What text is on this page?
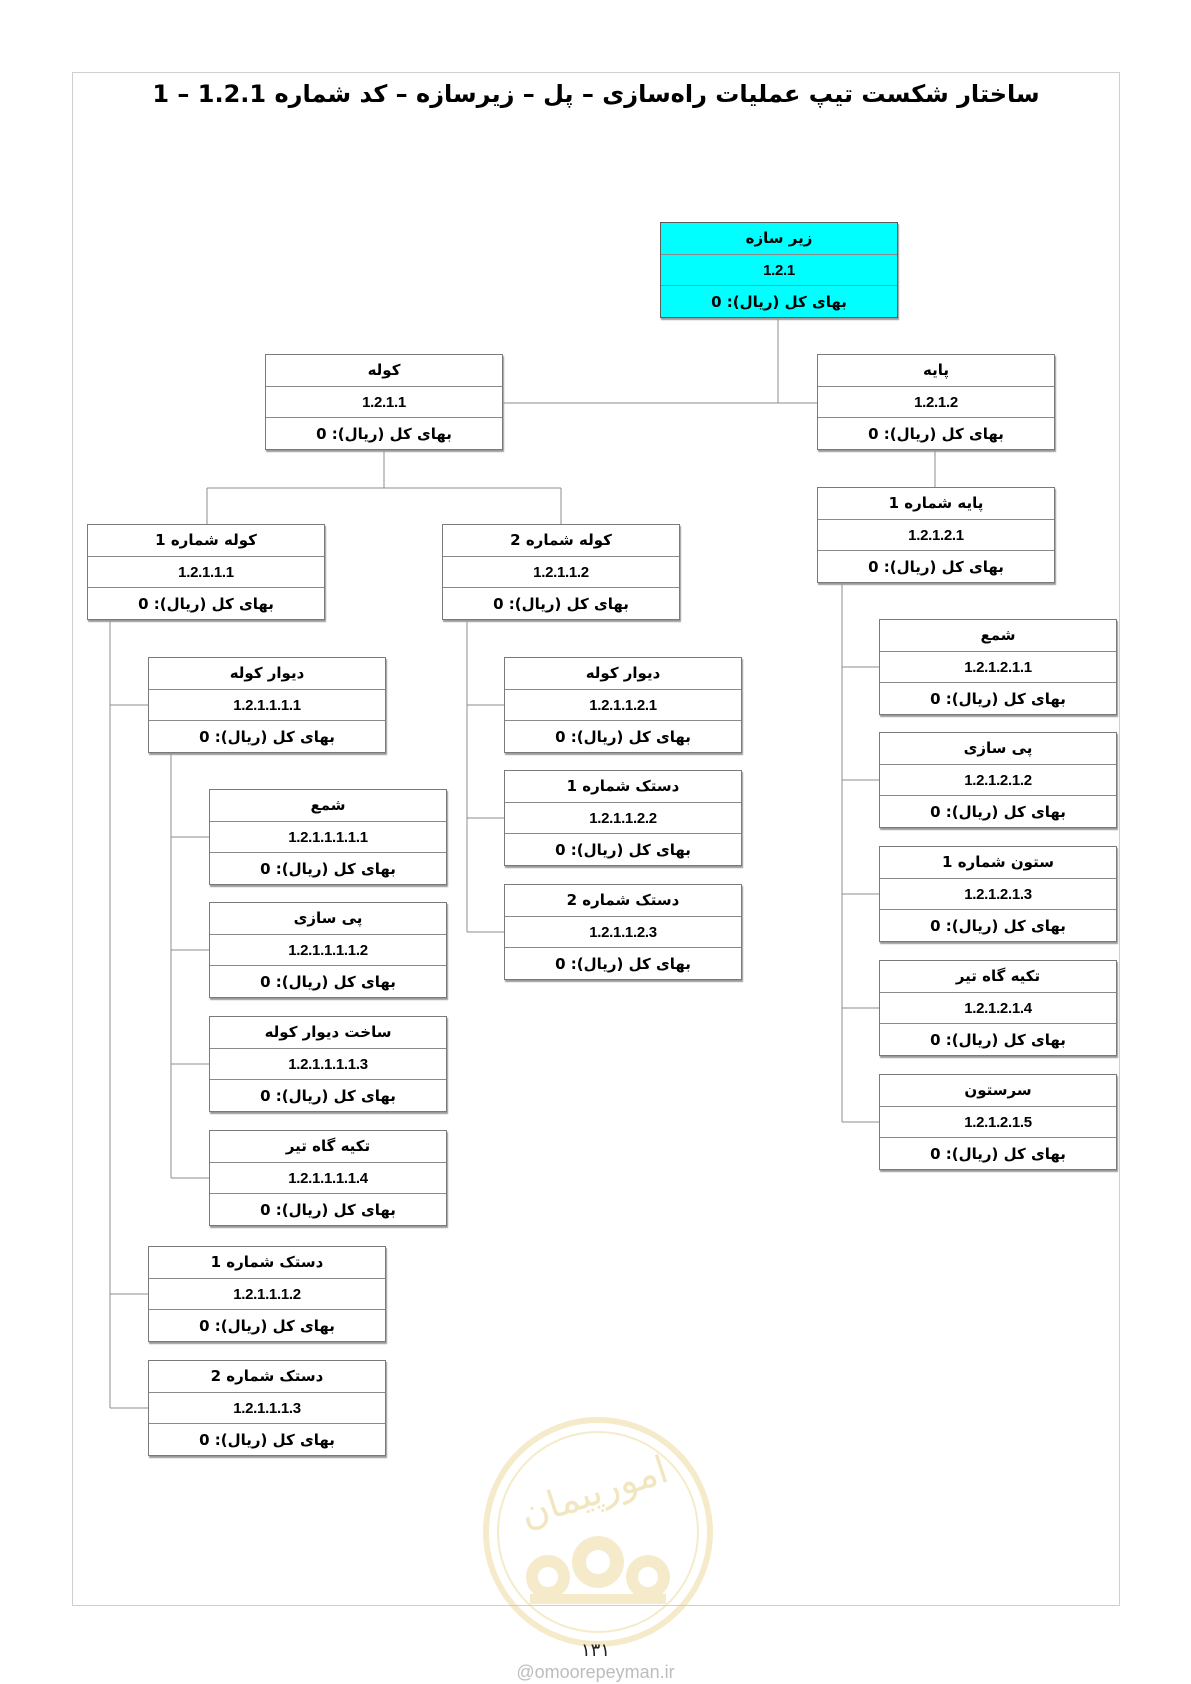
ساختار شکست تیپ عملیات راه‌سازی – پل – زیرسازه – کد شماره 1.2.1 – 1
زیر سازه
1.2.1
بهای کل (ریال): 0
کوله
1.2.1.1
بهای کل (ریال): 0
پایه
1.2.1.2
بهای کل (ریال): 0
کوله شماره 1
1.2.1.1.1
بهای کل (ریال): 0
کوله شماره 2
1.2.1.1.2
بهای کل (ریال): 0
پایه شماره 1
1.2.1.2.1
بهای کل (ریال): 0
دیوار کوله
1.2.1.1.1.1
بهای کل (ریال): 0
شمع
1.2.1.1.1.1.1
بهای کل (ریال): 0
پی سازی
1.2.1.1.1.1.2
بهای کل (ریال): 0
ساخت دیوار کوله
1.2.1.1.1.1.3
بهای کل (ریال): 0
تکیه گاه تیر
1.2.1.1.1.1.4
بهای کل (ریال): 0
دستک شماره 1
1.2.1.1.1.2
بهای کل (ریال): 0
دستک شماره 2
1.2.1.1.1.3
بهای کل (ریال): 0
دیوار کوله
1.2.1.1.2.1
بهای کل (ریال): 0
دستک شماره 1
1.2.1.1.2.2
بهای کل (ریال): 0
دستک شماره 2
1.2.1.1.2.3
بهای کل (ریال): 0
شمع
1.2.1.2.1.1
بهای کل (ریال): 0
پی سازی
1.2.1.2.1.2
بهای کل (ریال): 0
ستون شماره 1
1.2.1.2.1.3
بهای کل (ریال): 0
تکیه گاه تیر
1.2.1.2.1.4
بهای کل (ریال): 0
سرستون
1.2.1.2.1.5
بهای کل (ریال): 0
امورپیمان
۱۳۱
@omoorepeyman.ir
